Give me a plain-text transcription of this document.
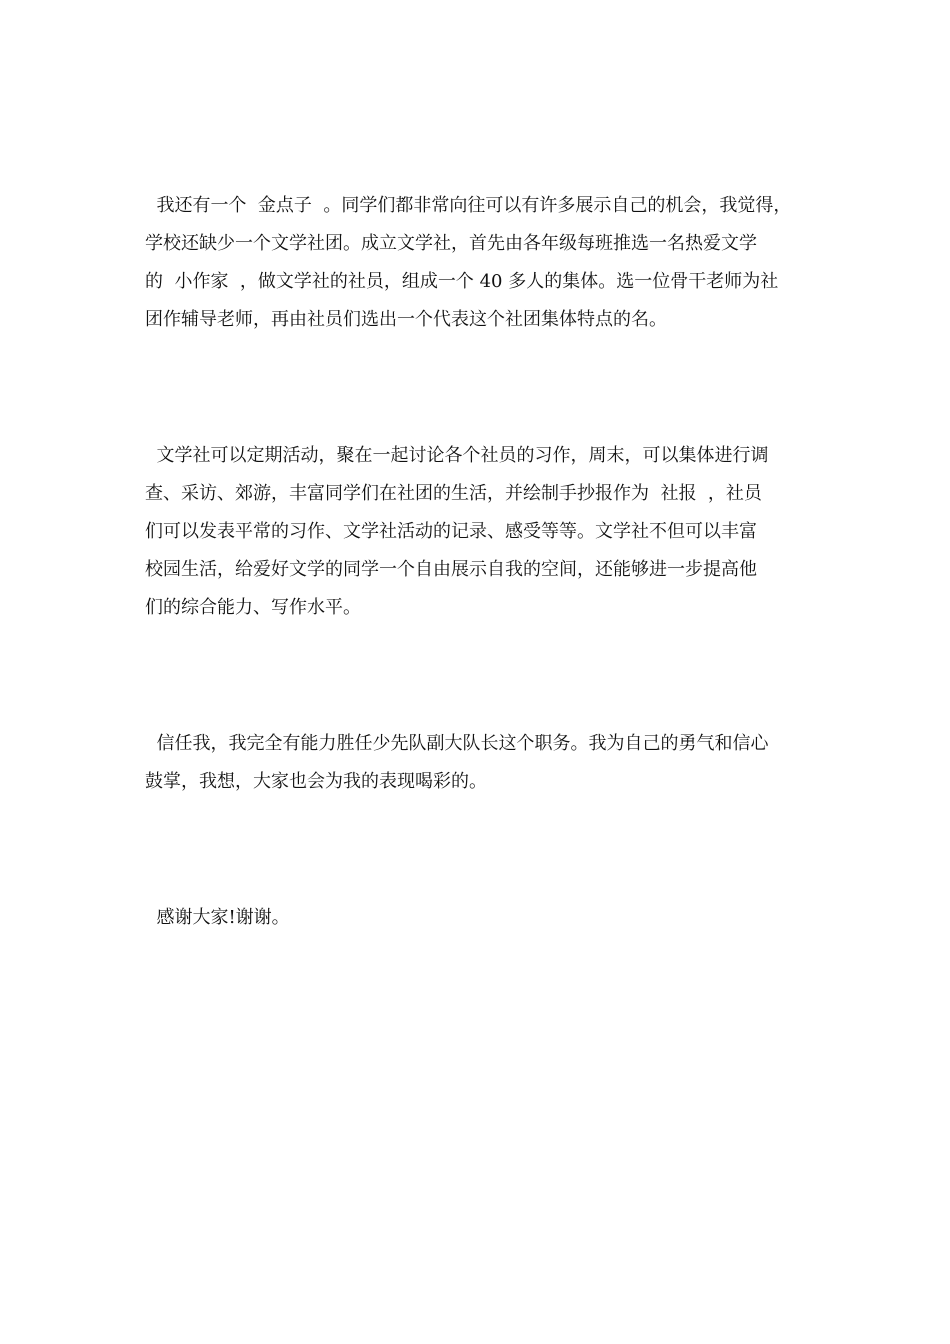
我还有一个  金点子  。同学们都非常向往可以有许多展示自己的机会，我觉得，

学校还缺少一个文学社团。成立文学社，首先由各年级每班推选一名热爱文学

的  小作家  ，做文学社的社员，组成一个 40 多人的集体。选一位骨干老师为社

团作辅导老师，再由社员们选出一个代表这个社团集体特点的名。

文学社可以定期活动，聚在一起讨论各个社员的习作，周末，可以集体进行调

查、采访、郊游，丰富同学们在社团的生活，并绘制手抄报作为  社报  ，社员

们可以发表平常的习作、文学社活动的记录、感受等等。文学社不但可以丰富

校园生活，给爱好文学的同学一个自由展示自我的空间，还能够进一步提高他

们的综合能力、写作水平。

信任我，我完全有能力胜任少先队副大队长这个职务。我为自己的勇气和信心

鼓掌，我想，大家也会为我的表现喝彩的。

感谢大家!谢谢。
